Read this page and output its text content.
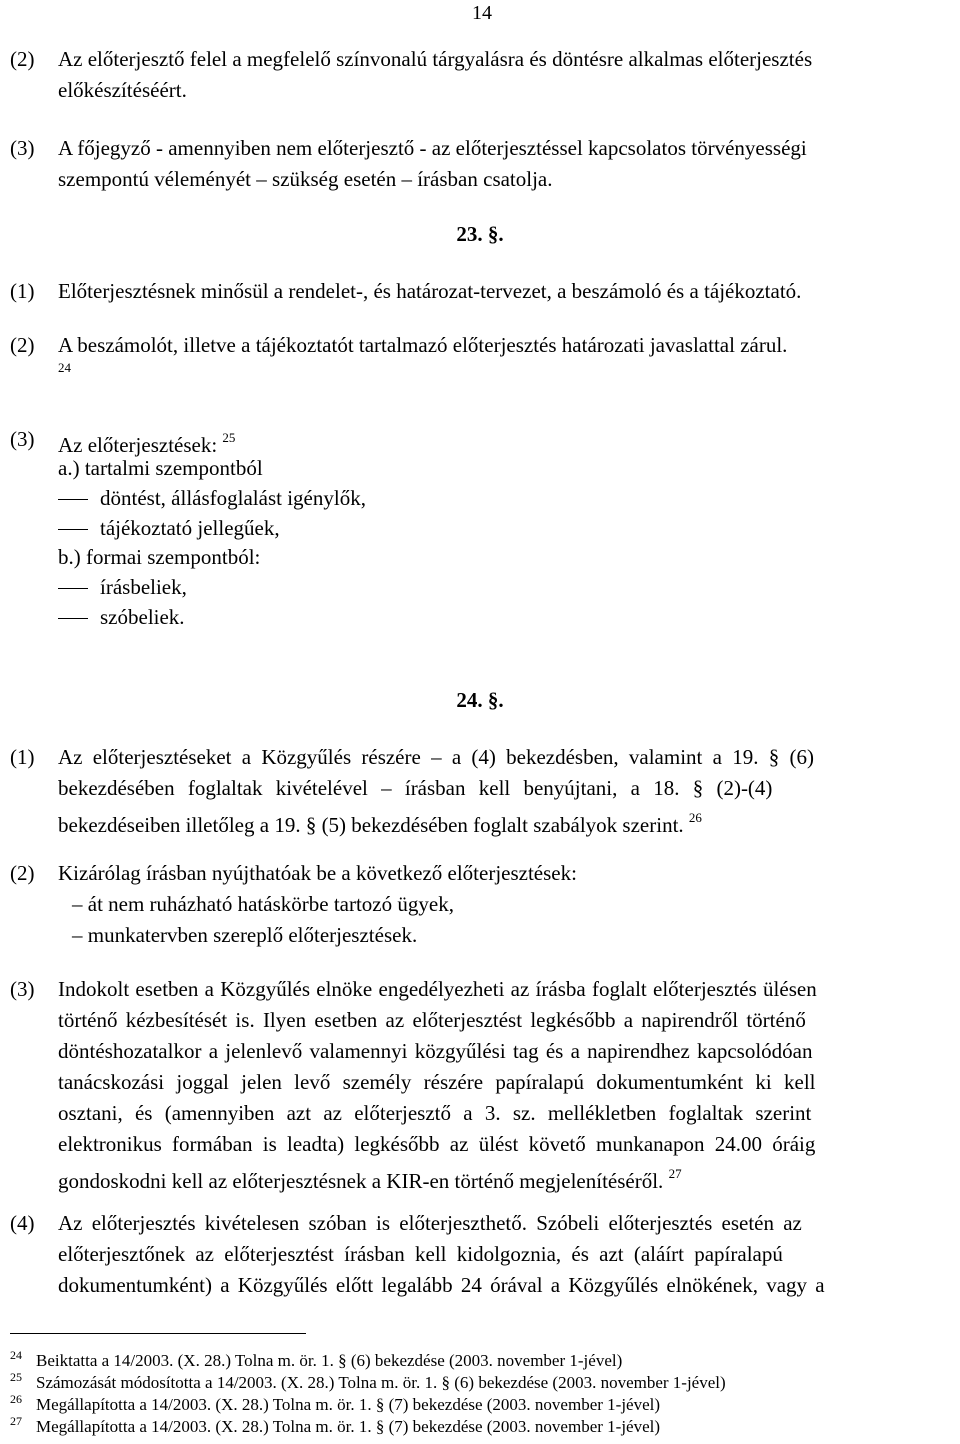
14
(2) Az előterjesztő felel a megfelelő színvonalú tárgyalásra és döntésre alkalmas előterjesztés
előkészítéséért.
(3) A főjegyző - amennyiben nem előterjesztő - az előterjesztéssel kapcsolatos törvényességi
szempontú véleményét – szükség esetén – írásban csatolja.
23. §.
(1) Előterjesztésnek minősül a rendelet-, és határozat-tervezet, a beszámoló és a tájékoztató.
(2) A beszámolót, illetve a tájékoztatót tartalmazó előterjesztés határozati javaslattal zárul.
24
(3) Az előterjesztések: $^{25}$
a.) tartalmi szempontból
döntést, állásfoglalást igénylők,
tájékoztató jellegűek,
b.) formai szempontból:
írásbeliek,
szóbeliek.
24. §.
(1) Az előterjesztéseket a Közgyűlés részére – a (4) bekezdésben, valamint a 19. § (6)
bekezdésében foglaltak kivételével – írásban kell benyújtani, a 18. § (2)-(4)
bekezdéseiben illetőleg a 19. § (5) bekezdésében foglalt szabályok szerint. $^{26}$
(2) Kizárólag írásban nyújthatóak be a következő előterjesztések:
– át nem ruházható hatáskörbe tartozó ügyek,
– munkatervben szereplő előterjesztések.
(3) Indokolt esetben a Közgyűlés elnöke engedélyezheti az írásba foglalt előterjesztés ülésen
történő kézbesítését is. Ilyen esetben az előterjesztést legkésőbb a napirendről történő
döntéshozatalkor a jelenlevő valamennyi közgyűlési tag és a napirendhez kapcsolódóan
tanácskozási joggal jelen levő személy részére papíralapú dokumentumként ki kell
osztani, és (amennyiben azt az előterjesztő a 3. sz. mellékletben foglaltak szerint
elektronikus formában is leadta) legkésőbb az ülést követő munkanapon 24.00 óráig
gondoskodni kell az előterjesztésnek a KIR-en történő megjelenítéséről. $^{27}$
(4) Az előterjesztés kivételesen szóban is előterjeszthető. Szóbeli előterjesztés esetén az
előterjesztőnek az előterjesztést írásban kell kidolgoznia, és azt (aláírt papíralapú
dokumentumként) a Közgyűlés előtt legalább 24 órával a Közgyűlés elnökének, vagy a
24 Beiktatta a 14/2003. (X. 28.) Tolna m. ör. 1. § (6) bekezdése (2003. november 1-jével)
25 Számozását módosította a 14/2003. (X. 28.) Tolna m. ör. 1. § (6) bekezdése (2003. november 1-jével)
26 Megállapította a 14/2003. (X. 28.) Tolna m. ör. 1. § (7) bekezdése (2003. november 1-jével)
27 Megállapította a 14/2003. (X. 28.) Tolna m. ör. 1. § (7) bekezdése (2003. november 1-jével)
